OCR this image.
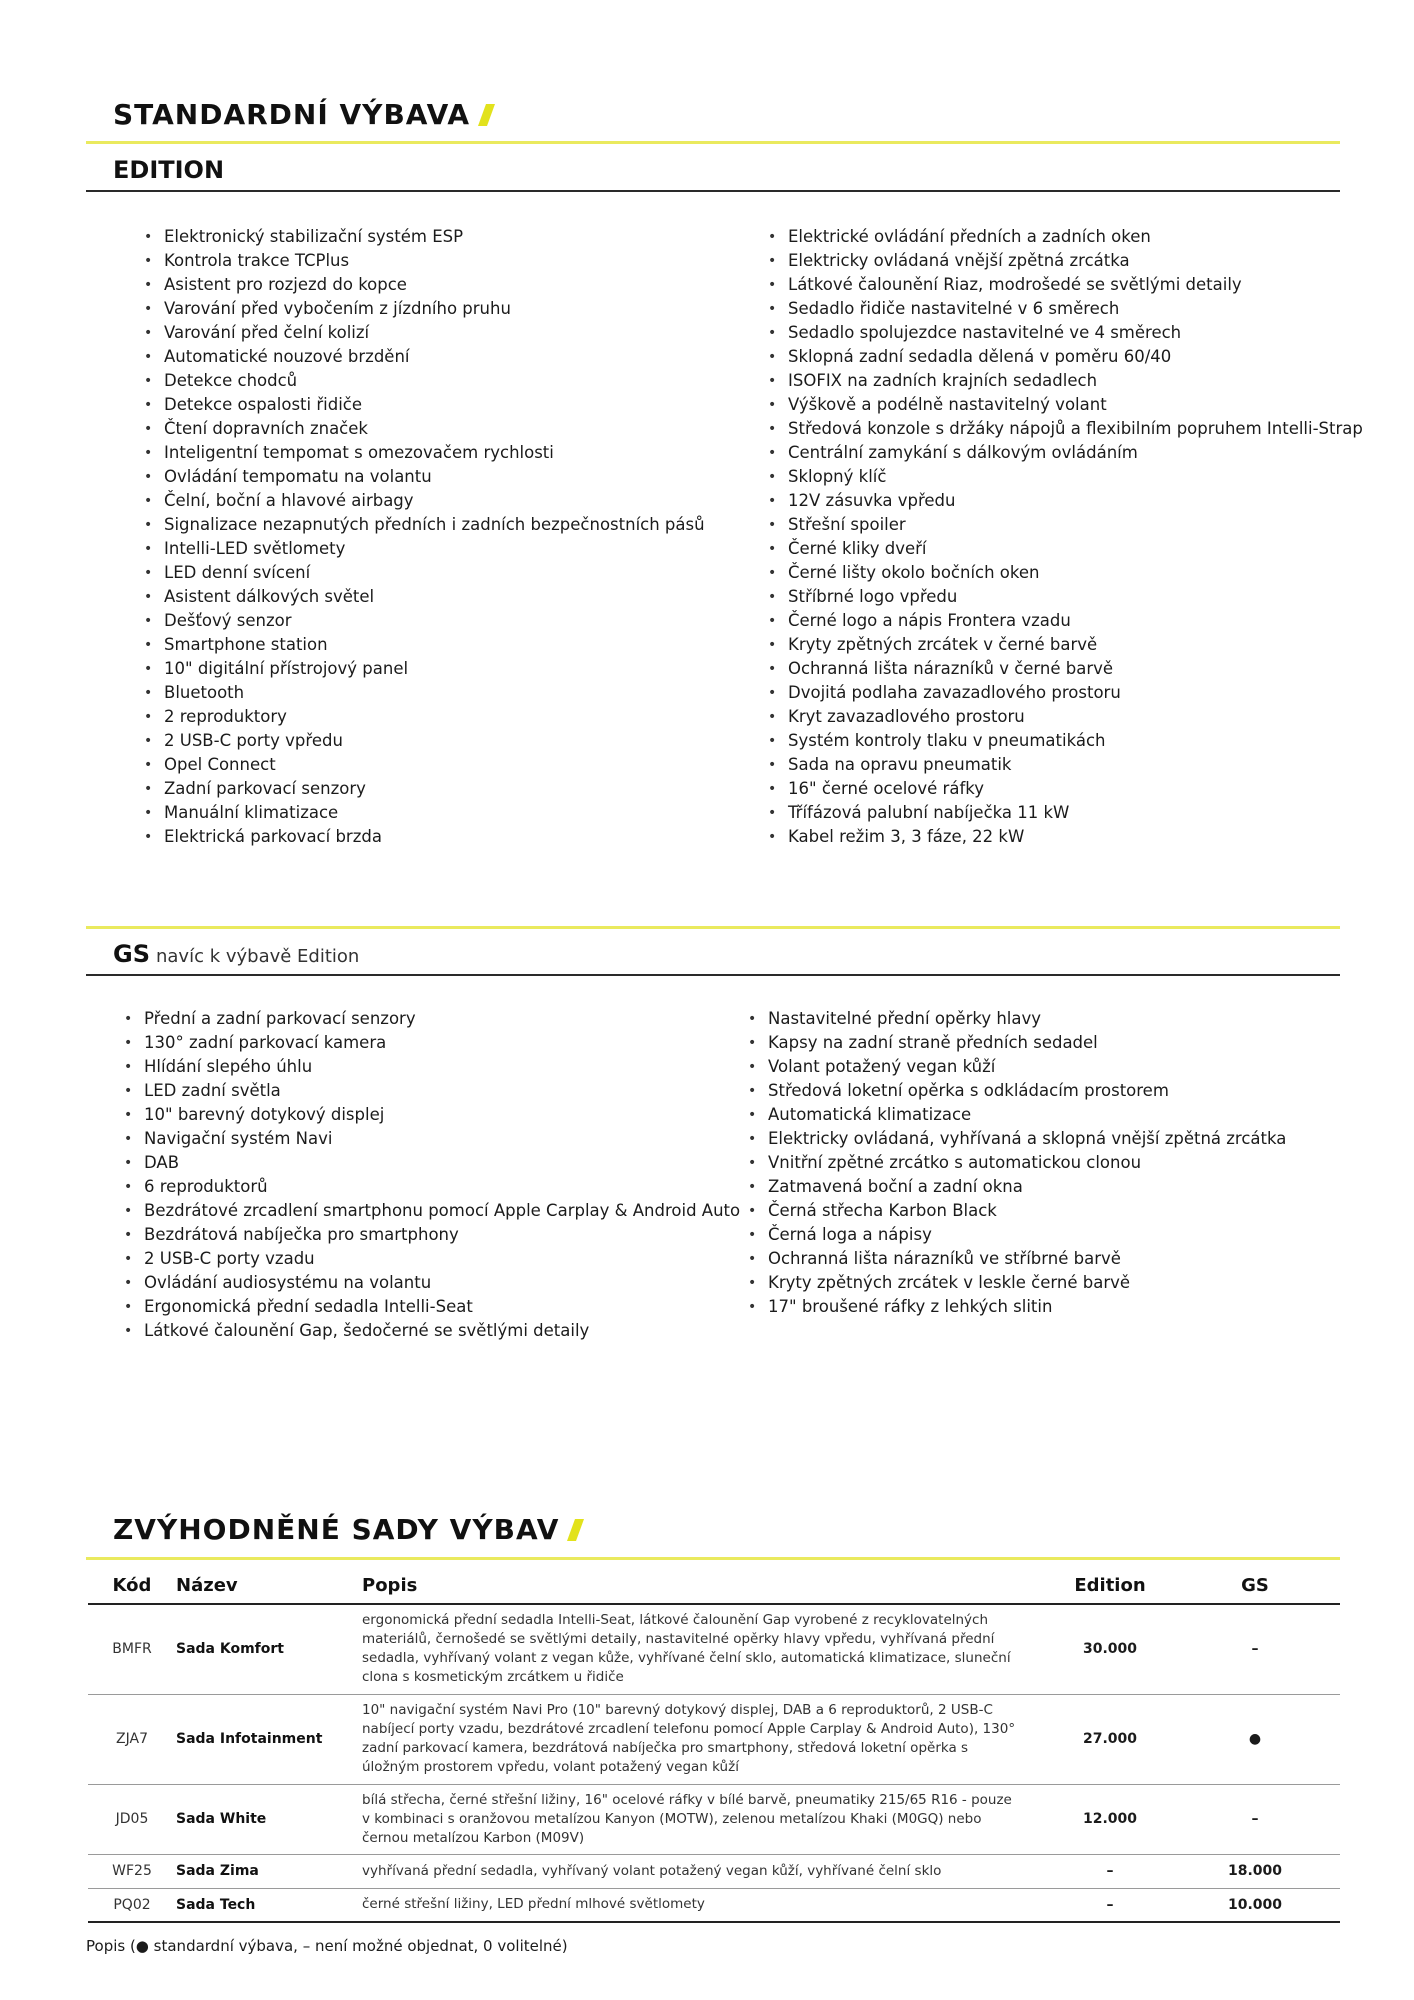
STANDARDNÍ VÝBAVA
EDITION
• Elektronický stabilizační systém ESP
• Kontrola trakce TCPlus
• Asistent pro rozjezd do kopce
• Varování před vybočením z jízdního pruhu
• Varování před čelní kolizí
• Automatické nouzové brzdění
• Detekce chodců
• Detekce ospalosti řidiče
• Čtení dopravních značek
• Inteligentní tempomat s omezovačem rychlosti
• Ovládání tempomatu na volantu
• Čelní, boční a hlavové airbagy
• Signalizace nezapnutých předních i zadních bezpečnostních pásů
• Intelli-LED světlomety
• LED denní svícení
• Asistent dálkových světel
• Dešťový senzor
• Smartphone station
• 10" digitální přístrojový panel
• Bluetooth
• 2 reproduktory
• 2 USB-C porty vpředu
• Opel Connect
• Zadní parkovací senzory
• Manuální klimatizace
• Elektrická parkovací brzda
• Elektrické ovládání předních a zadních oken
• Elektricky ovládaná vnější zpětná zrcátka
• Látkové čalounění Riaz, modrošedé se světlými detaily
• Sedadlo řidiče nastavitelné v 6 směrech
• Sedadlo spolujezdce nastavitelné ve 4 směrech
• Sklopná zadní sedadla dělená v poměru 60/40
• ISOFIX na zadních krajních sedadlech
• Výškově a podélně nastavitelný volant
• Středová konzole s držáky nápojů a flexibilním popruhem Intelli-Strap
• Centrální zamykání s dálkovým ovládáním
• Sklopný klíč
• 12V zásuvka vpředu
• Střešní spoiler
• Černé kliky dveří
• Černé lišty okolo bočních oken
• Stříbrné logo vpředu
• Černé logo a nápis Frontera vzadu
• Kryty zpětných zrcátek v černé barvě
• Ochranná lišta nárazníků v černé barvě
• Dvojitá podlaha zavazadlového prostoru
• Kryt zavazadlového prostoru
• Systém kontroly tlaku v pneumatikách
• Sada na opravu pneumatik
• 16" černé ocelové ráfky
• Třífázová palubní nabíječka 11 kW
• Kabel režim 3, 3 fáze, 22 kW
GS navíc k výbavě Edition
• Přední a zadní parkovací senzory
• 130° zadní parkovací kamera
• Hlídání slepého úhlu
• LED zadní světla
• 10" barevný dotykový displej
• Navigační systém Navi
• DAB
• 6 reproduktorů
• Bezdrátové zrcadlení smartphonu pomocí Apple Carplay & Android Auto
• Bezdrátová nabíječka pro smartphony
• 2 USB-C porty vzadu
• Ovládání audiosystému na volantu
• Ergonomická přední sedadla Intelli-Seat
• Látkové čalounění Gap, šedočerné se světlými detaily
• Nastavitelné přední opěrky hlavy
• Kapsy na zadní straně předních sedadel
• Volant potažený vegan kůží
• Středová loketní opěrka s odkládacím prostorem
• Automatická klimatizace
• Elektricky ovládaná, vyhřívaná a sklopná vnější zpětná zrcátka
• Vnitřní zpětné zrcátko s automatickou clonou
• Zatmavená boční a zadní okna
• Černá střecha Karbon Black
• Černá loga a nápisy
• Ochranná lišta nárazníků ve stříbrné barvě
• Kryty zpětných zrcátek v leskle černé barvě
• 17" broušené ráfky z lehkých slitin
ZVÝHODNĚNÉ SADY VÝBAV
Kód	Název	Popis	Edition	GS
BMFR	Sada Komfort	ergonomická přední sedadla Intelli-Seat, látkové čalounění Gap vyrobené z recyklovatelných materiálů, černošedé se světlými detaily, nastavitelné opěrky hlavy vpředu, vyhřívaná přední sedadla, vyhřívaný volant z vegan kůže, vyhřívané čelní sklo, automatická klimatizace, sluneční clona s kosmetickým zrcátkem u řidiče	30.000	–
ZJA7	Sada Infotainment	10" navigační systém Navi Pro (10" barevný dotykový displej, DAB a 6 reproduktorů, 2 USB-C nabíjecí porty vzadu, bezdrátové zrcadlení telefonu pomocí Apple Carplay & Android Auto), 130° zadní parkovací kamera, bezdrátová nabíječka pro smartphony, středová loketní opěrka s úložným prostorem vpředu, volant potažený vegan kůží	27.000	●
JD05	Sada White	bílá střecha, černé střešní ližiny, 16" ocelové ráfky v bílé barvě, pneumatiky 215/65 R16 - pouze v kombinaci s oranžovou metalízou Kanyon (MOTW), zelenou metalízou Khaki (M0GQ) nebo černou metalízou Karbon (M09V)	12.000	–
WF25	Sada Zima	vyhřívaná přední sedadla, vyhřívaný volant potažený vegan kůží, vyhřívané čelní sklo	–	18.000
PQ02	Sada Tech	černé střešní ližiny, LED přední mlhové světlomety	–	10.000

Popis (● standardní výbava, – není možné objednat, 0 volitelné)
